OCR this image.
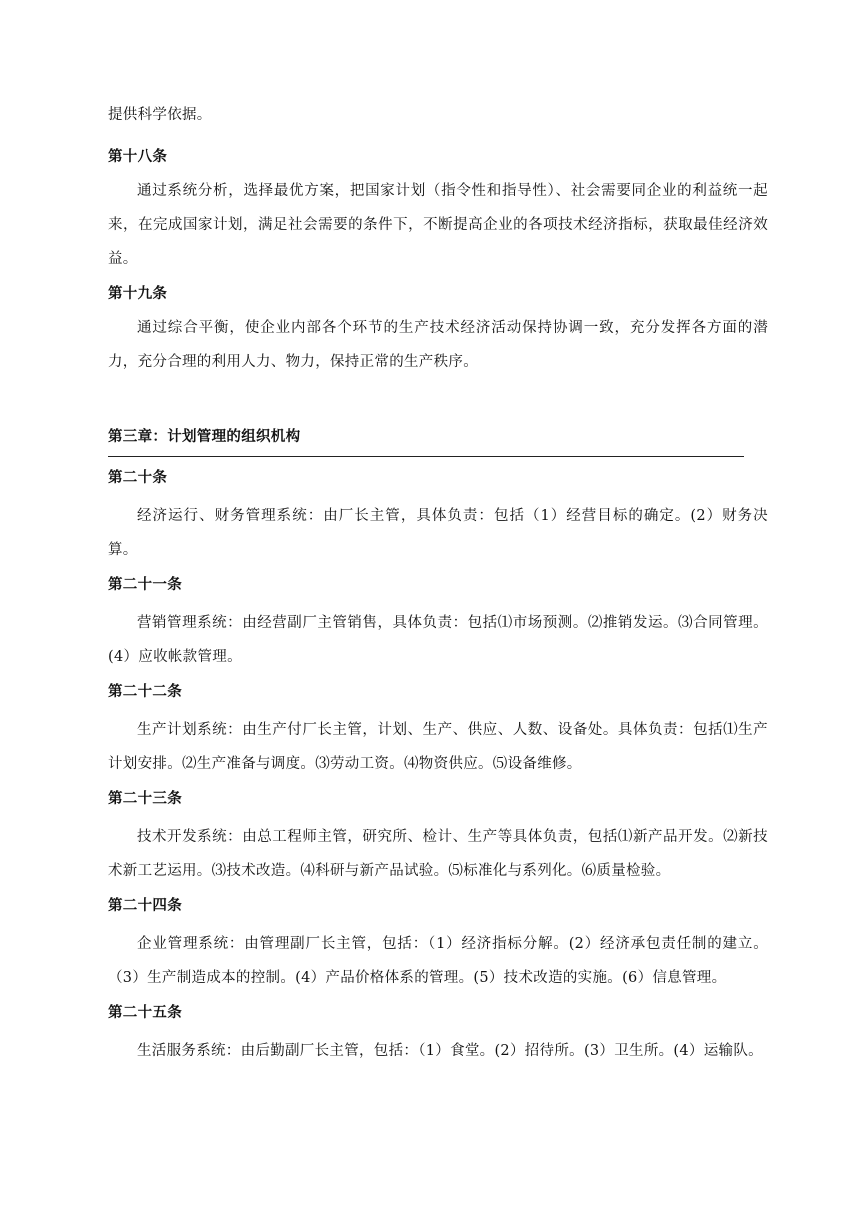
提供科学依据。

第十八条

通过系统分析，选择最优方案，把国家计划（指令性和指导性）、社会需要同企业的利益统一起来，在完成国家计划，满足社会需要的条件下，不断提高企业的各项技术经济指标，获取最佳经济效益。

第十九条

通过综合平衡，使企业内部各个环节的生产技术经济活动保持协调一致，充分发挥各方面的潜力，充分合理的利用人力、物力，保持正常的生产秩序。

第三章：计划管理的组织机构
第二十条

经济运行、财务管理系统：由厂长主管，具体负责：包括（1）经营目标的确定。(2）财务决算。

第二十一条

营销管理系统：由经营副厂主管销售，具体负责：包括⑴市场预测。⑵推销发运。⑶合同管理。(4）应收帐款管理。

第二十二条

生产计划系统：由生产付厂长主管，计划、生产、供应、人数、设备处。具体负责：包括⑴生产计划安排。⑵生产准备与调度。⑶劳动工资。⑷物资供应。⑸设备维修。

第二十三条

技术开发系统：由总工程师主管，研究所、检计、生产等具体负责，包括⑴新产品开发。⑵新技术新工艺运用。⑶技术改造。⑷科研与新产品试验。⑸标准化与系列化。⑹质量检验。

第二十四条

企业管理系统：由管理副厂长主管，包括：（1）经济指标分解。(2）经济承包责任制的建立。（3）生产制造成本的控制。(4）产品价格体系的管理。(5）技术改造的实施。(6）信息管理。

第二十五条

生活服务系统：由后勤副厂长主管，包括：（1）食堂。(2）招待所。(3）卫生所。(4）运输队。
